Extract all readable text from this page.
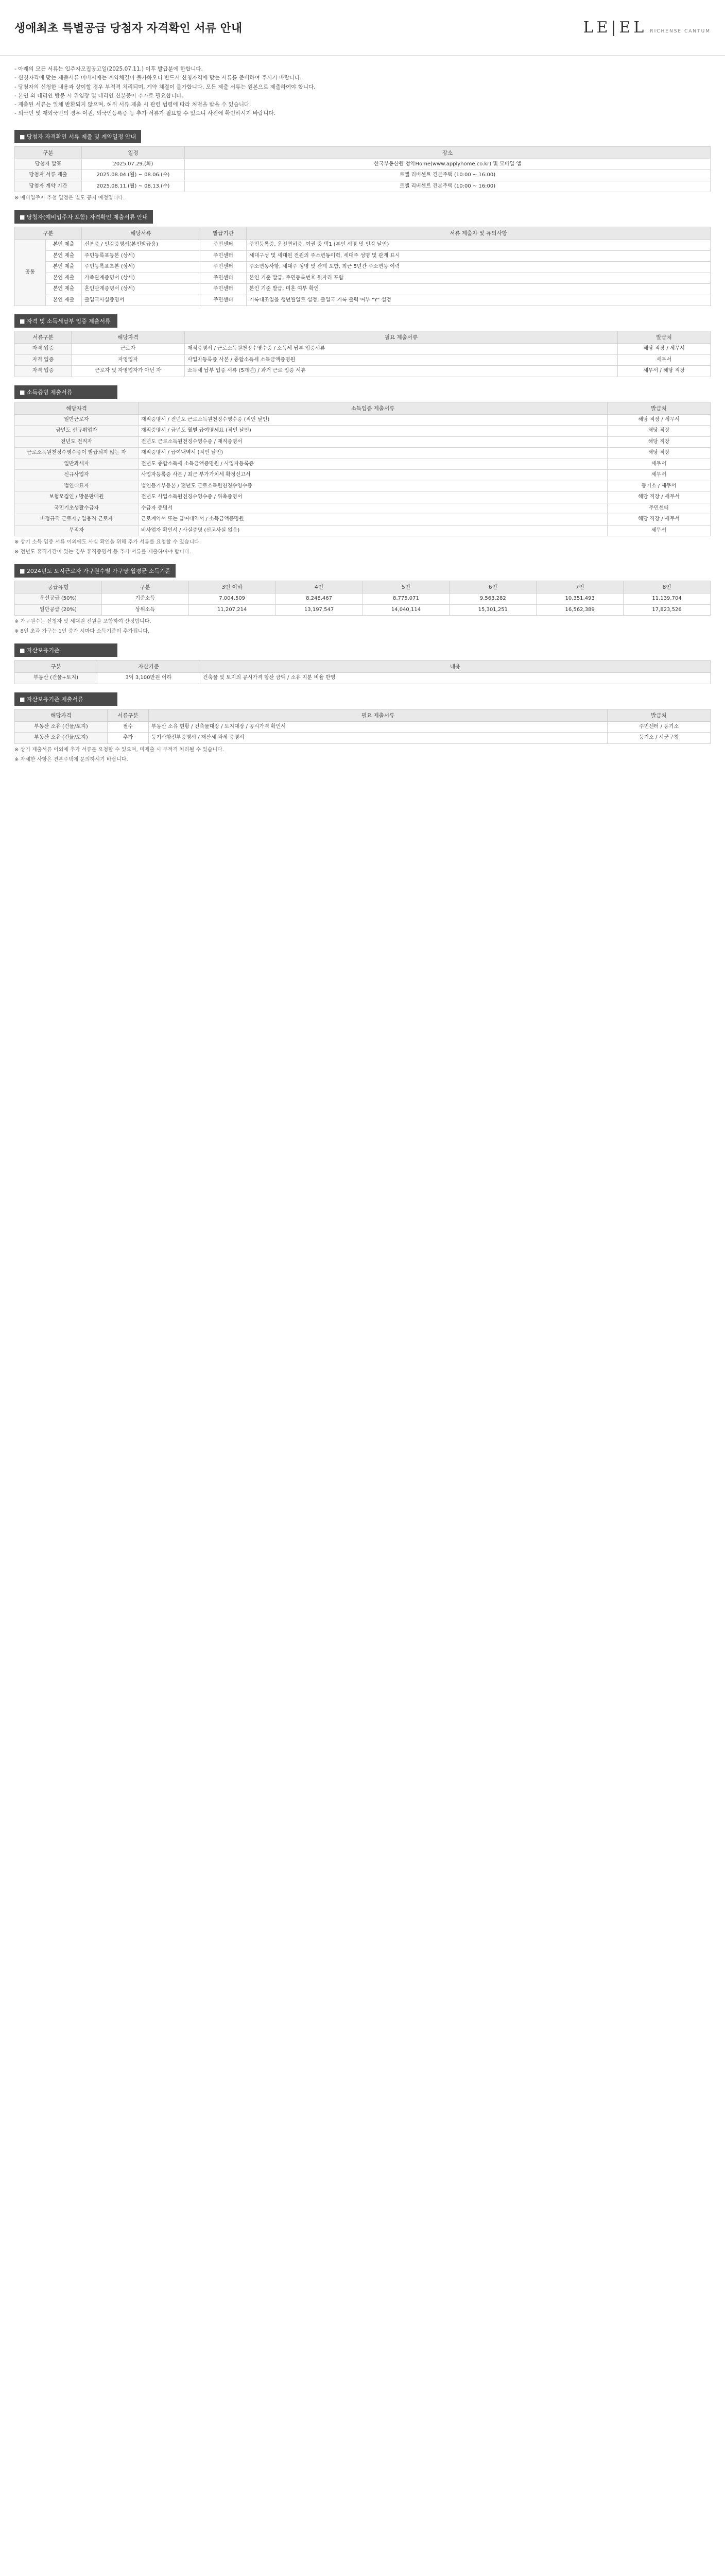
생애최초 특별공급 당첨자 자격확인 서류 안내	LE|EL RICHENSE CANTUM

- 아래의 모든 서류는 입주자모집공고일(2025.07.11.) 이후 발급분에 한합니다.

- 신청자격에 맞는 제출서류 미비시에는 계약체결이 불가하오니 반드시 신청자격에 맞는 서류를 준비하여 주시기 바랍니다.

- 당첨자의 신청한 내용과 상이할 경우 부적격 처리되며, 계약 체결이 불가합니다. 모든 제출 서류는 원본으로 제출하여야 합니다.

- 본인 외 대리인 방문 시 위임장 및 대리인 신분증이 추가로 필요합니다.

- 제출된 서류는 일체 반환되지 않으며, 허위 서류 제출 시 관련 법령에 따라 처벌을 받을 수 있습니다.

- 외국인 및 재외국민의 경우 여권, 외국인등록증 등 추가 서류가 필요할 수 있으니 사전에 확인하시기 바랍니다.

■ 당첨자 자격확인 서류 제출 및 계약일정 안내
구분	일정	장소
당첨자 발표	2025.07.29.(화)	한국부동산원 청약Home(www.applyhome.co.kr) 및 모바일 앱
당첨자 서류 제출	2025.08.04.(월) ~ 08.06.(수)	르엘 리버센트 견본주택 (10:00 ~ 16:00)
당첨자 계약 기간	2025.08.11.(월) ~ 08.13.(수)	르엘 리버센트 견본주택 (10:00 ~ 16:00)
※ 예비입주자 추첨 일정은 별도 공지 예정입니다.
■ 당첨자(예비입주자 포함) 자격확인 제출서류 안내
구분		해당서류	발급기관	서류 제출자 및 유의사항
공통	본인 제출	신분증 / 인감증명서(본인발급용)	주민센터	주민등록증, 운전면허증, 여권 중 택1 (본인 서명 및 인감 날인)
	본인 제출	주민등록표등본 (상세)	주민센터	세대구성 및 세대원 전원의 주소변동이력, 세대주 성명 및 관계 표시
	본인 제출	주민등록표초본 (상세)	주민센터	주소변동사항, 세대주 성명 및 관계 포함, 최근 5년간 주소변동 이력
	본인 제출	가족관계증명서 (상세)	주민센터	본인 기준 발급, 주민등록번호 뒷자리 포함
	본인 제출	혼인관계증명서 (상세)	주민센터	본인 기준 발급, 미혼 여부 확인
	본인 제출	출입국사실증명서	주민센터	기록대조일을 생년월일로 설정, 출입국 기록 출력 여부 "Y" 설정
■ 자격 및 소득세납부 입증 제출서류
서류구분	해당자격	필요 제출서류	발급처
자격 입증	근로자	재직증명서 / 근로소득원천징수영수증 / 소득세 납부 입증서류	해당 직장 / 세무서
자격 입증	자영업자	사업자등록증 사본 / 종합소득세 소득금액증명원	세무서
자격 입증	근로자 및 자영업자가 아닌 자	소득세 납부 입증 서류 (5개년) / 과거 근로 입증 서류	세무서 / 해당 직장
■ 소득증빙 제출서류
해당자격	소득입증 제출서류	발급처
일반근로자	재직증명서 / 전년도 근로소득원천징수영수증 (직인 날인)	해당 직장 / 세무서
금년도 신규취업자	재직증명서 / 금년도 월별 급여명세표 (직인 날인)	해당 직장
전년도 전직자	전년도 근로소득원천징수영수증 / 재직증명서	해당 직장
근로소득원천징수영수증이 발급되지 않는 자	재직증명서 / 급여내역서 (직인 날인)	해당 직장
일반과세자	전년도 종합소득세 소득금액증명원 / 사업자등록증	세무서
신규사업자	사업자등록증 사본 / 최근 부가가치세 확정신고서	세무서
법인대표자	법인등기부등본 / 전년도 근로소득원천징수영수증	등기소 / 세무서
보험모집인 / 방문판매원	전년도 사업소득원천징수영수증 / 위촉증명서	해당 직장 / 세무서
국민기초생활수급자	수급자 증명서	주민센터
비정규직 근로자 / 일용직 근로자	근로계약서 또는 급여내역서 / 소득금액증명원	해당 직장 / 세무서
무직자	비사업자 확인서 / 사실증명 (신고사실 없음)	세무서
※ 상기 소득 입증 서류 이외에도 사실 확인을 위해 추가 서류를 요청할 수 있습니다.
※ 전년도 휴직기간이 있는 경우 휴직증명서 등 추가 서류를 제출하여야 합니다.
■ 2024년도 도시근로자 가구원수별 가구당 월평균 소득기준
공급유형	구분	3인 이하	4인	5인	6인	7인	8인
우선공급 (50%)	기준소득	7,004,509	8,248,467	8,775,071	9,563,282	10,351,493	11,139,704
일반공급 (20%)	상위소득	11,207,214	13,197,547	14,040,114	15,301,251	16,562,389	17,823,526
※ 가구원수는 신청자 및 세대원 전원을 포함하여 산정합니다.
※ 8인 초과 가구는 1인 증가 시마다 소득기준이 추가됩니다.
■ 자산보유기준
구분	자산기준	내용
부동산 (건물+토지)	3억 3,100만원 이하	건축물 및 토지의 공시가격 합산 금액 / 소유 지분 비율 반영
■ 자산보유기준 제출서류
해당자격	서류구분	필요 제출서류	발급처
부동산 소유 (건물/토지)	필수	부동산 소유 현황 / 건축물대장 / 토지대장 / 공시가격 확인서	주민센터 / 등기소
부동산 소유 (건물/토지)	추가	등기사항전부증명서 / 재산세 과세 증명서	등기소 / 시군구청
※ 상기 제출서류 이외에 추가 서류를 요청할 수 있으며, 미제출 시 부적격 처리될 수 있습니다.
※ 자세한 사항은 견본주택에 문의하시기 바랍니다.
